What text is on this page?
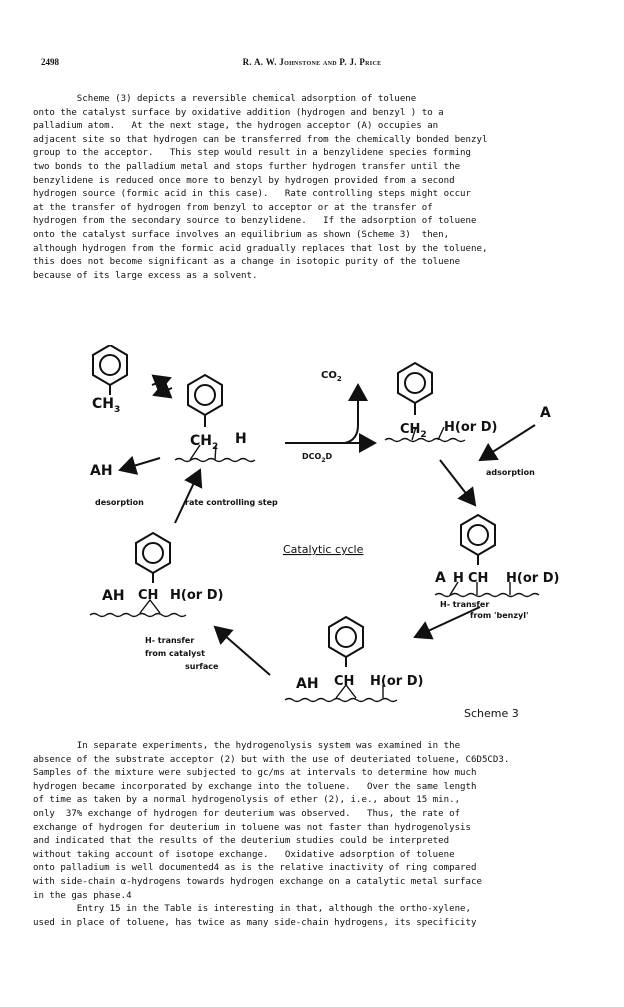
2498	R. A. W. Johnstone and P. J. Price
Scheme (3) depicts a reversible chemical adsorption of toluene
onto the catalyst surface by oxidative addition (hydrogen and benzyl ) to a
palladium atom.   At the next stage, the hydrogen acceptor (A) occupies an
adjacent site so that hydrogen can be transferred from the chemically bonded benzyl
group to the acceptor.   This step would result in a benzylidene species forming
two bonds to the palladium metal and stops further hydrogen transfer until the
benzylidene is reduced once more to benzyl by hydrogen provided from a second
hydrogen source (formic acid in this case).   Rate controlling steps might occur
at the transfer of hydrogen from benzyl to acceptor or at the transfer of
hydrogen from the secondary source to benzylidene.   If the adsorption of toluene
onto the catalyst surface involves an equilibrium as shown (Scheme 3)  then,
although hydrogen from the formic acid gradually replaces that lost by the toluene,
this does not become significant as a change in isotopic purity of the toluene
because of its large excess as a solvent.
$CH_3$
$CO_2$
$DCO_2D$
A
adsorption
$CH_2$ H
$CH_2$ H(or D)
AH
desorption	rate controlling step
Catalytic cycle
A H CH H(or D)
H- transfer
from 'benzyl'
AH CH H(or D)
H- transfer
from catalyst
surface
AH CH H(or D)
Scheme 3
In separate experiments, the hydrogenolysis system was examined in the
absence of the substrate acceptor (2) but with the use of deuteriated toluene, C6D5CD3.
Samples of the mixture were subjected to gc/ms at intervals to determine how much
hydrogen became incorporated by exchange into the toluene.   Over the same length
of time as taken by a normal hydrogenolysis of ether (2), i.e., about 15 min.,
only  37% exchange of hydrogen for deuterium was observed.   Thus, the rate of
exchange of hydrogen for deuterium in toluene was not faster than hydrogenolysis
and indicated that the results of the deuterium studies could be interpreted
without taking account of isotope exchange.   Oxidative adsorption of toluene
onto palladium is well documented4 as is the relative inactivity of ring compared
with side-chain α-hydrogens towards hydrogen exchange on a catalytic metal surface
in the gas phase.4
Entry 15 in the Table is interesting in that, although the ortho-xylene,
used in place of toluene, has twice as many side-chain hydrogens, its specificity
